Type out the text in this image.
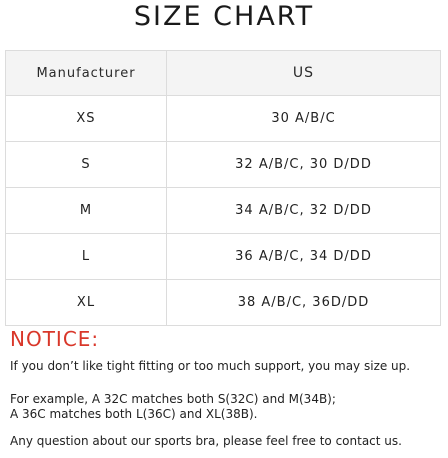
SIZE CHART
Manufacturer	US
XS	30 A/B/C
S	32 A/B/C, 30 D/DD
M	34 A/B/C, 32 D/DD
L	36 A/B/C, 34 D/DD
XL	38 A/B/C, 36D/DD
NOTICE:
If you don’t like tight fitting or too much support, you may size up.
For example, A 32C matches both S(32C) and M(34B);
A 36C matches both L(36C) and XL(38B).
Any question about our sports bra, please feel free to contact us.
